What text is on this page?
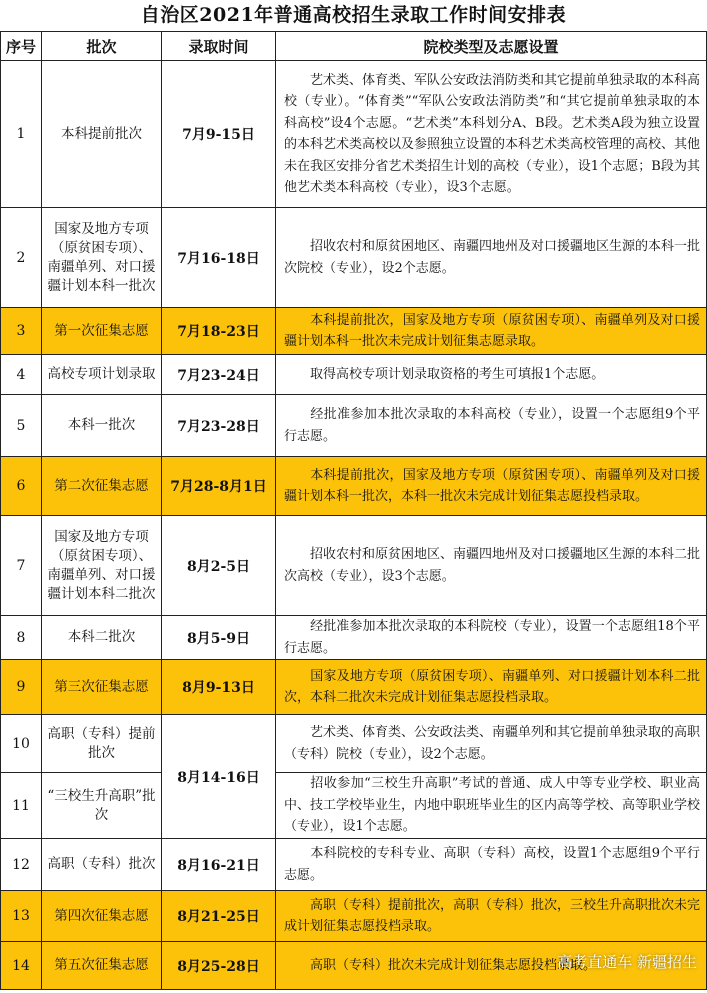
自治区2021年普通高校招生录取工作时间安排表
序号	批次	录取时间	院校类型及志愿设置
1	本科提前批次	7月9-15日	艺术类、体育类、军队公安政法消防类和其它提前单独录取的本科高校（专业）。“体育类”“军队公安政法消防类”和“其它提前单独录取的本科高校”设4个志愿。“艺术类”本科划分A、B段。艺术类A段为独立设置的本科艺术类高校以及参照独立设置的本科艺术类高校管理的高校、其他未在我区安排分省艺术类招生计划的高校（专业），设1个志愿；B段为其他艺术类本科高校（专业），设3个志愿。
2	国家及地方专项（原贫困专项）、南疆单列、对口援疆计划本科一批次	7月16-18日	招收农村和原贫困地区、南疆四地州及对口援疆地区生源的本科一批次院校（专业），设2个志愿。
3	第一次征集志愿	7月18-23日	本科提前批次，国家及地方专项（原贫困专项）、南疆单列及对口援疆计划本科一批次未完成计划征集志愿录取。
4	高校专项计划录取	7月23-24日	取得高校专项计划录取资格的考生可填报1个志愿。
5	本科一批次	7月23-28日	经批准参加本批次录取的本科高校（专业），设置一个志愿组9个平行志愿。
6	第二次征集志愿	7月28-8月1日	本科提前批次，国家及地方专项（原贫困专项）、南疆单列及对口援疆计划本科一批次，本科一批次未完成计划征集志愿投档录取。
7	国家及地方专项（原贫困专项）、南疆单列、对口援疆计划本科二批次	8月2-5日	招收农村和原贫困地区、南疆四地州及对口援疆地区生源的本科二批次高校（专业），设3个志愿。
8	本科二批次	8月5-9日	经批准参加本批次录取的本科院校（专业），设置一个志愿组18个平行志愿。
9	第三次征集志愿	8月9-13日	国家及地方专项（原贫困专项）、南疆单列、对口援疆计划本科二批次，本科二批次未完成计划征集志愿投档录取。
10	高职（专科）提前批次	8月14-16日	艺术类、体育类、公安政法类、南疆单列和其它提前单独录取的高职（专科）院校（专业），设2个志愿。
11	“三校生升高职”批次		招收参加“三校生升高职”考试的普通、成人中等专业学校、职业高中、技工学校毕业生，内地中职班毕业生的区内高等学校、高等职业学校（专业），设1个志愿。
12	高职（专科）批次	8月16-21日	本科院校的专科专业、高职（专科）高校，设置1个志愿组9个平行志愿。
13	第四次征集志愿	8月21-25日	高职（专科）提前批次，高职（专科）批次，三校生升高职批次未完成计划征集志愿投档录取。
14	第五次征集志愿	8月25-28日	高职（专科）批次未完成计划征集志愿投档录取。
高考直通车 新疆招生
